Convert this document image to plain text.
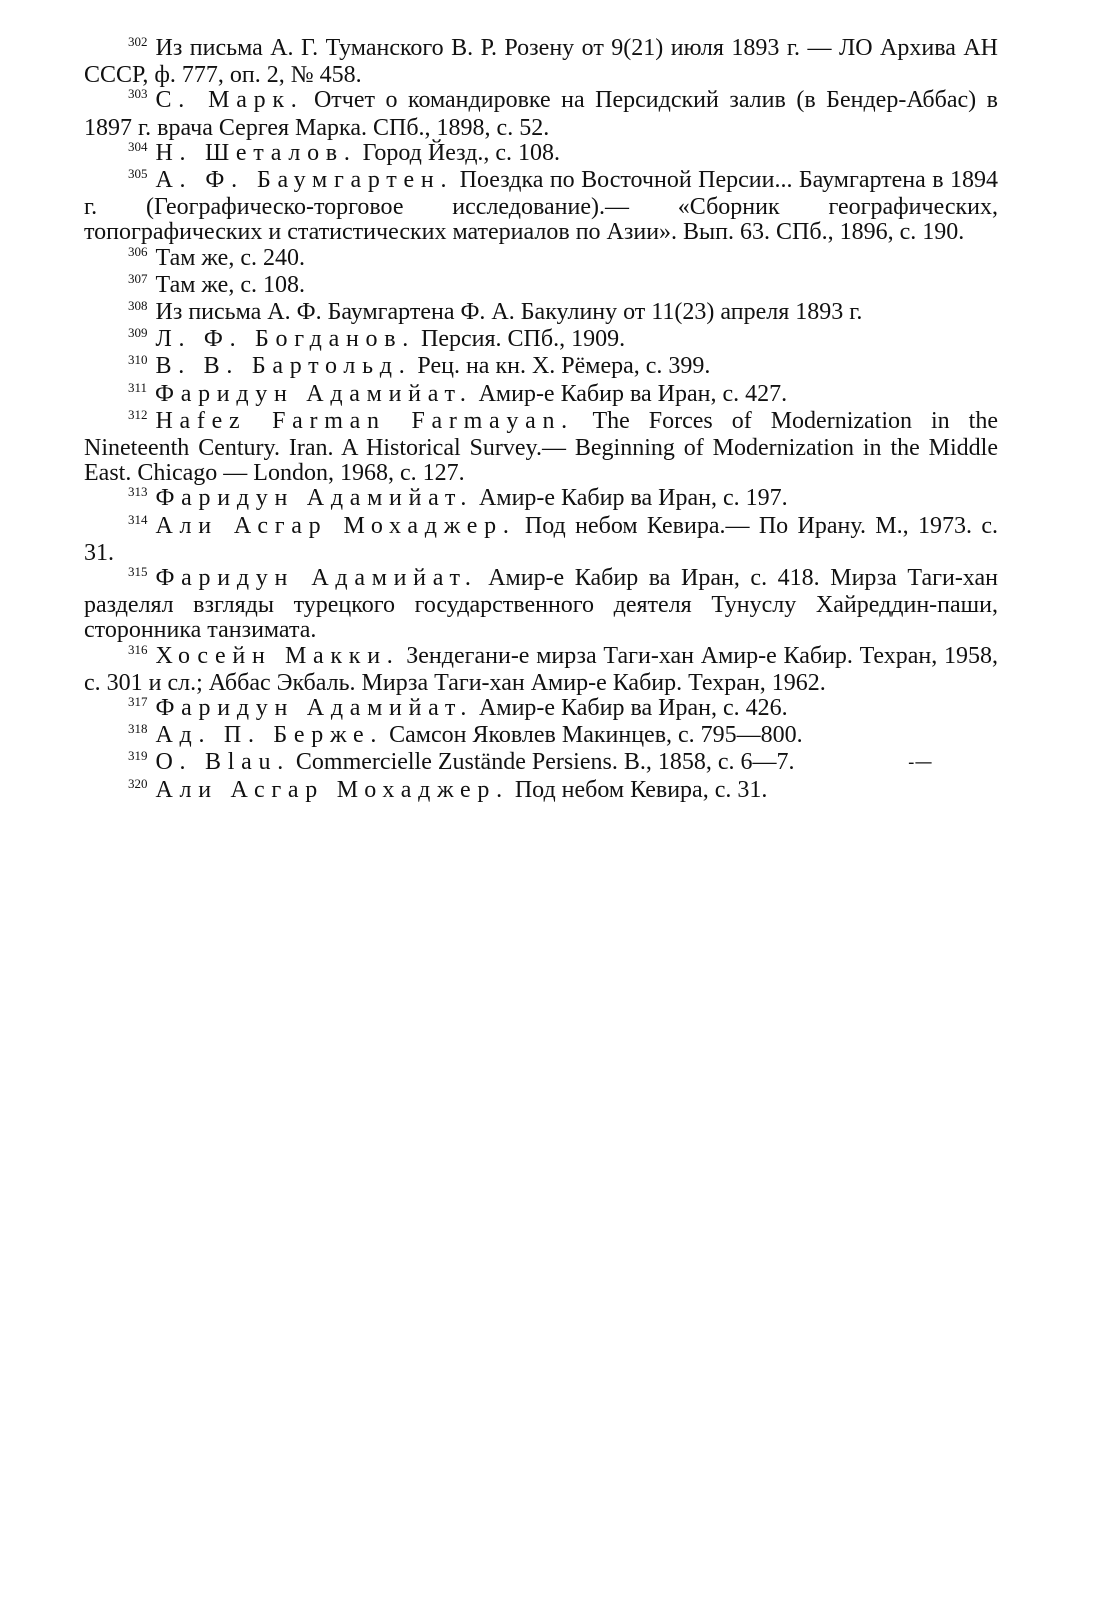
$^{302}$ Из письма А. Г. Туманского В. Р. Розену от 9(21) июля 1893 г. — ЛО Архива АН СССР, ф. 777, оп. 2, № 458.

$^{303}$ С. Марк. Отчет о командировке на Персидский залив (в Бендер-Аббас) в 1897 г. врача Сергея Марка. СПб., 1898, с. 52.

$^{304}$ Н. Шеталов. Город Йезд., с. 108.

$^{305}$ А. Ф. Баумгартен. Поездка по Восточной Персии... Баумгартена в 1894 г. (Географическо-торговое исследование).— «Сборник географических, топографических и статистических материалов по Азии». Вып. 63. СПб., 1896, с. 190.

$^{306}$ Там же, с. 240.

$^{307}$ Там же, с. 108.

$^{308}$ Из письма А. Ф. Баумгартена Ф. А. Бакулину от 11(23) апреля 1893 г.

$^{309}$ Л. Ф. Богданов. Персия. СПб., 1909.

$^{310}$ В. В. Бартольд. Рец. на кн. Х. Рёмера, с. 399.

$^{311}$ Фаридун Адамийат. Амир-е Кабир ва Иран, с. 427.

$^{312}$ Hafez Farman Farmayan. The Forces of Modernization in the Nineteenth Century. Iran. A Historical Survey.— Beginning of Modernization in the Middle East. Chicago — London, 1968, c. 127.

$^{313}$ Фаридун Адамийат. Амир-е Кабир ва Иран, с. 197.

$^{314}$ Али Асгар Мохаджер. Под небом Кевира.— По Ирану. М., 1973. с. 31.

$^{315}$ Фаридун Адамийат. Амир-е Кабир ва Иран, с. 418. Мирза Таги-хан разделял взгляды турецкого государственного деятеля Тунуслу Хайреддин-паши, сторонника танзимата.

$^{316}$ Хосейн Макки. Зендегани-е мирза Таги-хан Амир-е Кабир. Техран, 1958, с. 301 и сл.; Аббас Экбаль. Мирза Таги-хан Амир-е Кабир. Техран, 1962.

$^{317}$ Фаридун Адамийат. Амир-е Кабир ва Иран, с. 426.

$^{318}$ Ад. П. Берже. Самсон Яковлев Макинцев, с. 795—800.

$^{319}$ O. Blau. Commercielle Zustände Persiens. B., 1858, c. 6—7.

$^{320}$ Али Асгар Мохаджер. Под небом Кевира, с. 31.

-—
